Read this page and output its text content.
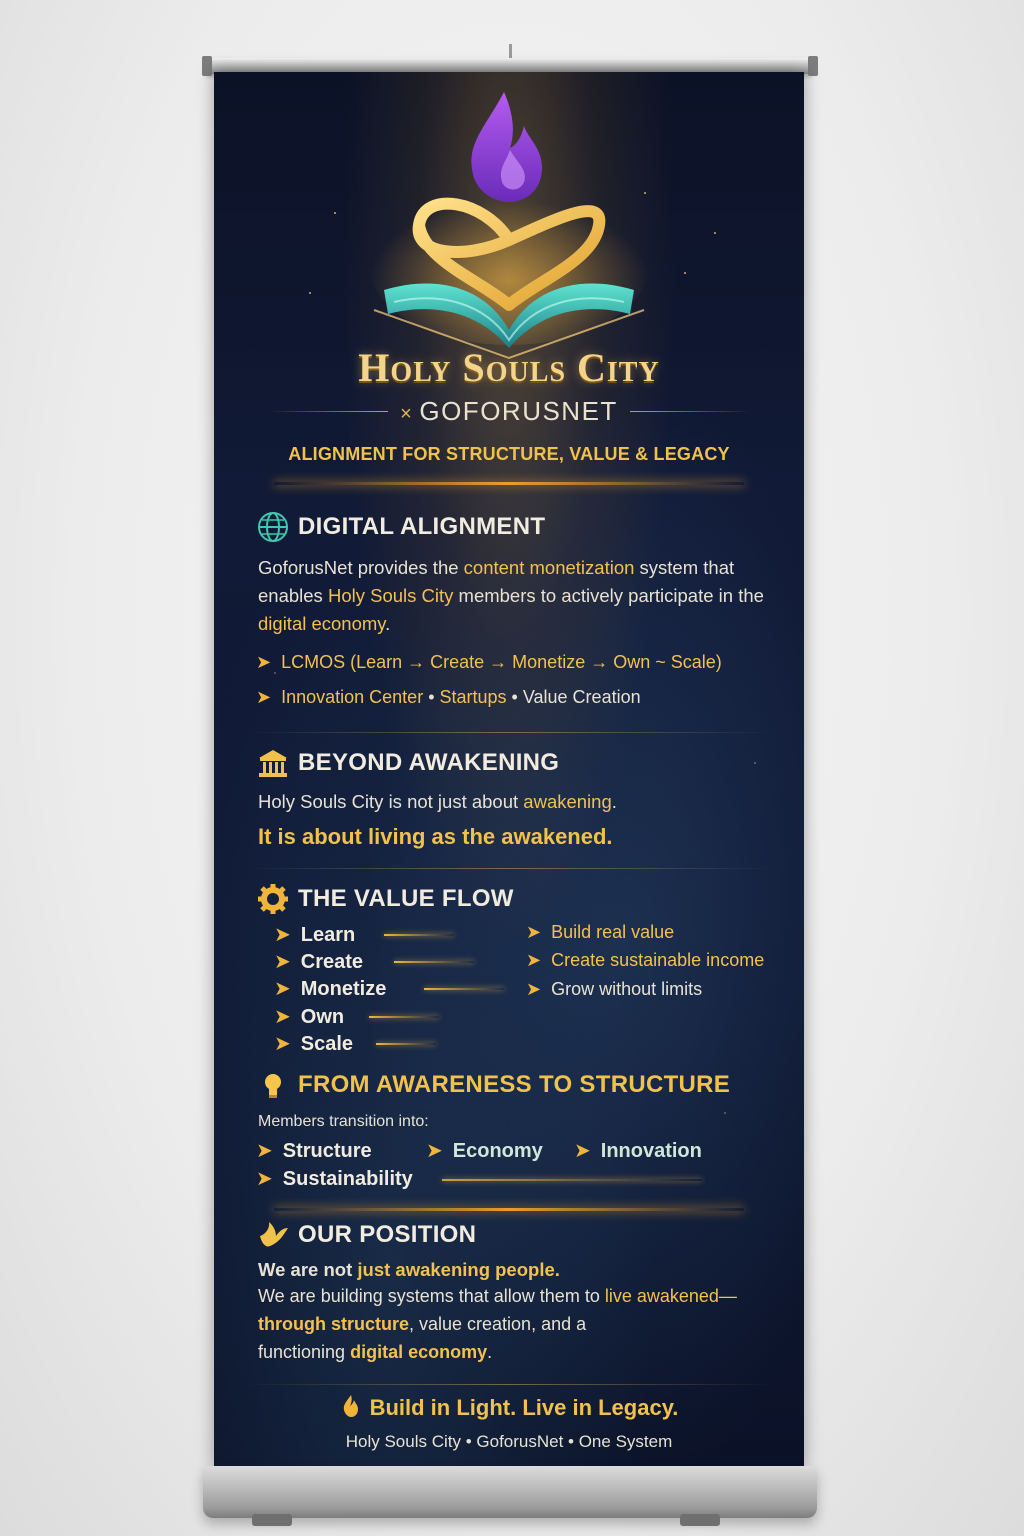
Holy Souls City
× GOFORUSNET
ALIGNMENT FOR STRUCTURE, VALUE & LEGACY
DIGITAL ALIGNMENT
GoforusNet provides the content monetization system that enables Holy Souls City members to actively participate in the digital economy.
➤ LCMOS (Learn → Create → Monetize → Own ~ Scale)
➤ Innovation Center • Startups • Value Creation
BEYOND AWAKENING
Holy Souls City is not just about awakening.
It is about living as the awakened.
THE VALUE FLOW
➤ Learn
➤ Create
➤ Monetize
➤ Own
➤ Scale
➤ Build real value
➤ Create sustainable income
➤ Grow without limits
FROM AWARENESS TO STRUCTURE
Members transition into:
➤ Structure	➤ Economy ➤ Innovation
➤ Sustainability
OUR POSITION
We are not just awakening people.
We are building systems that allow them to live awakened—
through structure, value creation, and a
functioning digital economy.
Build in Light. Live in Legacy.
Holy Souls City • GoforusNet • One System
